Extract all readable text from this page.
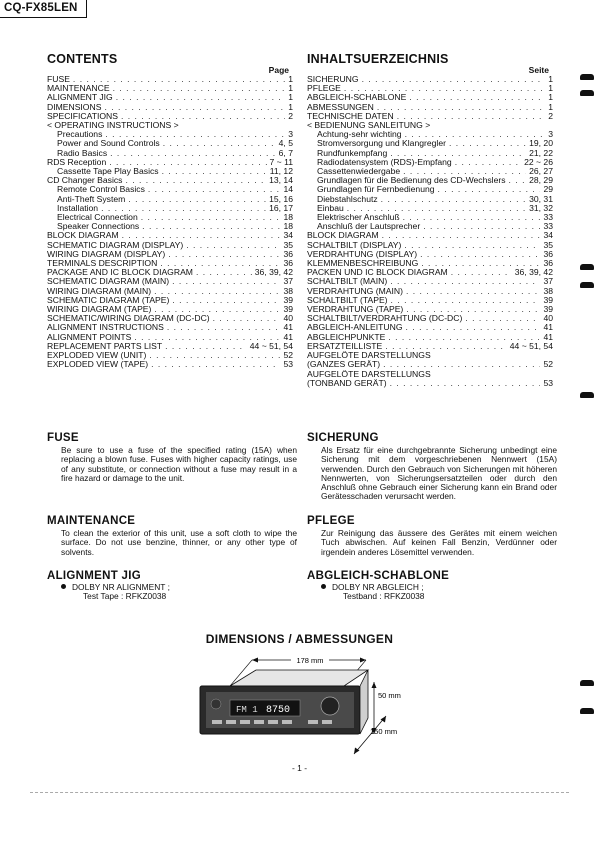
CQ-FX85LEN
CONTENTS
Page
FUSE . . .	1
MAINTENANCE . . .	1
ALIGNMENT JIG . . .	1
DIMENSIONS . . .	1
SPECIFICATIONS . . .	2
< OPERATING INSTRUCTIONS >
Precautions . . .	3
Power and Sound Controls . . .	4, 5
Radio Basics . . .	6, 7
RDS Reception . . .	7 ~ 11
Cassette Tape Play Basics . . .	11, 12
CD Changer Basics . . .	13, 14
Remote Control Basics . . .	14
Anti-Theft System . . .	15, 16
Installation . . .	16, 17
Electrical Connection . . .	18
Speaker Connections . . .	18
BLOCK DIAGRAM . . .	34
SCHEMATIC DIAGRAM (DISPLAY) . . .	35
WIRING DIAGRAM (DISPLAY) . . .	36
TERMINALS DESCRIPTION . . .	36
PACKAGE AND IC BLOCK DIAGRAM . . .	36, 39, 42
SCHEMATIC DIAGRAM (MAIN) . . .	37
WIRING DIAGRAM (MAIN) . . .	38
SCHEMATIC DIAGRAM (TAPE) . . .	39
WIRING DIAGRAM (TAPE) . . .	39
SCHEMATIC/WIRING DIAGRAM (DC-DC) . . .	40
ALIGNMENT INSTRUCTIONS . . .	41
ALIGNMENT POINTS . . .	41
REPLACEMENT PARTS LIST . . .	44 ~ 51, 54
EXPLODED VIEW (UNIT) . . .	52
EXPLODED VIEW (TAPE) . . .	53
INHALTSUERZEICHNIS
Seite
SICHERUNG . . .	1
PFLEGE . . .	1
ABGLEICH-SCHABLONE . . .	1
ABMESSUNGEN . . .	1
TECHNISCHE DATEN . . .	2
< BEDIENUNG SANLEITUNG >
Achtung-sehr wichting . . .	3
Stromversorgung und Klangregler . . .	19, 20
Rundfunkempfang . . .	21, 22
Radiodatensystem (RDS)-Empfang . . .	22 ~ 26
Cassettenwiedergabe . . .	26, 27
Grundlagen für die Bedienung des CD-Wechslers . . .	28, 29
Grundlagen für Fernbedienung . . .	29
Diebstahlschutz . . .	30, 31
Einbau . . .	31, 32
Elektrischer Anschluß . . .	33
Anschluß der Lautsprecher . . .	33
BLOCK DIAGRAM . . .	34
SCHALTBILT (DISPLAY) . . .	35
VERDRAHTUNG (DISPLAY) . . .	36
KLEMMENBESCHREIBUNG . . .	36
PACKEN UND IC BLOCK DIAGRAM . . .	36, 39, 42
SCHALTBILT (MAIN) . . .	37
VERDRAHTUNG (MAIN) . . .	38
SCHALTBILT (TAPE) . . .	39
VERDRAHTUNG (TAPE) . . .	39
SCHALTBILT/VERDRAHTUNG (DC-DC) . . .	40
ABGLEICH-ANLEITUNG . . .	41
ABGLEICHPUNKTE . . .	41
ERSATZTEILLISTE . . .	44 ~ 51, 54
AUFGELÖTE DARSTELLUNGS
(GANZES GERÄT) . . .	52
AUFGELÖTE DARSTELLUNGS
(TONBAND GERÄT) . . .	53
FUSE

Be sure to use a fuse of the specified rating (15A) when replacing a blown fuse. Fuses with higher capacity ratings, use of any substitute, or connection without a fuse may result in a fire hazard or damage to the unit.

SICHERUNG

Als Ersatz für eine durchgebrannte Sicherung unbedingt eine Sicherung mit dem vorgeschriebenen Nennwert (15A) verwenden. Durch den Gebrauch von Sicherungen mit höheren Nennwerten, von Sicherungsersatzteilen oder durch den Anschluß ohne Gebrauch einer Sicherung kann ein Brand oder Gerätesschaden verursacht werden.

MAINTENANCE

To clean the exterior of this unit, use a soft cloth to wipe the surface. Do not use benzine, thinner, or any other type of solvents.

PFLEGE

Zur Reinigung das äussere des Gerätes mit einem weichen Tuch abwischen. Auf keinen Fall Benzin, Verdünner oder irgendein anderes Lösemittel verwenden.

ALIGNMENT JIG
DOLBY NR ALIGNMENT ;
Test Tape : RFKZ0038
ABGLEICH-SCHABLONE
DOLBY NR ABGLEICH ;
Testband : RFKZ0038
DIMENSIONS / ABMESSUNGEN
178 mm
FM 1 8750
50 mm
150 mm
- 1 -
